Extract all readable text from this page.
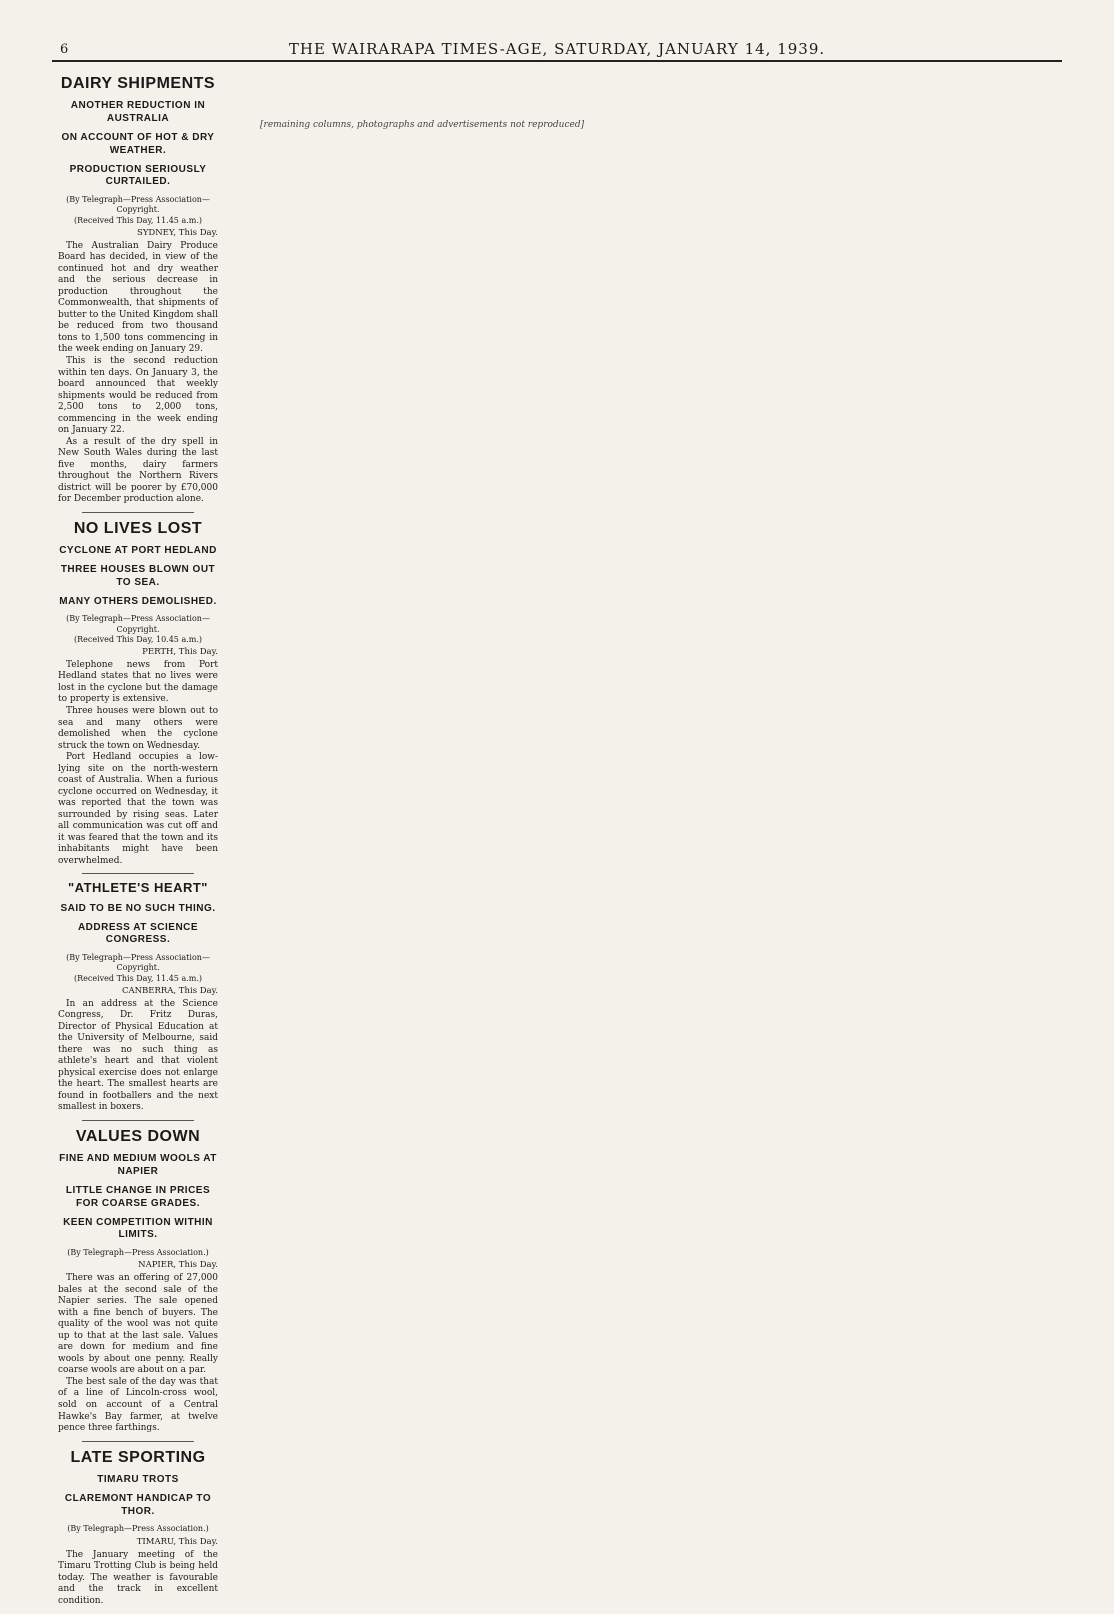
6	THE WAIRARAPA TIMES-AGE, SATURDAY, JANUARY 14, 1939.
DAIRY SHIPMENTS
ANOTHER REDUCTION IN AUSTRALIA
ON ACCOUNT OF HOT & DRY WEATHER.
PRODUCTION SERIOUSLY CURTAILED.
(By Telegraph—Press Association—Copyright.
(Received This Day, 11.45 a.m.)
SYDNEY, This Day.

The Australian Dairy Produce Board has decided, in view of the continued hot and dry weather and the serious decrease in production throughout the Commonwealth, that shipments of butter to the United Kingdom shall be reduced from two thousand tons to 1,500 tons commencing in the week ending on January 29.

This is the second reduction within ten days. On January 3, the board announced that weekly shipments would be reduced from 2,500 tons to 2,000 tons, commencing in the week ending on January 22.

As a result of the dry spell in New South Wales during the last five months, dairy farmers throughout the Northern Rivers district will be poorer by £70,000 for December production alone.

NO LIVES LOST
CYCLONE AT PORT HEDLAND
THREE HOUSES BLOWN OUT TO SEA.
MANY OTHERS DEMOLISHED.
(By Telegraph—Press Association—Copyright.
(Received This Day, 10.45 a.m.)
PERTH, This Day.

Telephone news from Port Hedland states that no lives were lost in the cyclone but the damage to property is extensive.

Three houses were blown out to sea and many others were demolished when the cyclone struck the town on Wednesday.

Port Hedland occupies a low-lying site on the north-western coast of Australia. When a furious cyclone occurred on Wednesday, it was reported that the town was surrounded by rising seas. Later all communication was cut off and it was feared that the town and its inhabitants might have been overwhelmed.

"ATHLETE'S HEART"
SAID TO BE NO SUCH THING.
ADDRESS AT SCIENCE CONGRESS.
(By Telegraph—Press Association—Copyright.
(Received This Day, 11.45 a.m.)
CANBERRA, This Day.

In an address at the Science Congress, Dr. Fritz Duras, Director of Physical Education at the University of Melbourne, said there was no such thing as athlete's heart and that violent physical exercise does not enlarge the heart. The smallest hearts are found in footballers and the next smallest in boxers.

VALUES DOWN
FINE AND MEDIUM WOOLS AT NAPIER
LITTLE CHANGE IN PRICES FOR COARSE GRADES.
KEEN COMPETITION WITHIN LIMITS.
(By Telegraph—Press Association.)
NAPIER, This Day.

There was an offering of 27,000 bales at the second sale of the Napier series. The sale opened with a fine bench of buyers. The quality of the wool was not quite up to that at the last sale. Values are down for medium and fine wools by about one penny. Really coarse wools are about on a par.

The best sale of the day was that of a line of Lincoln-cross wool, sold on account of a Central Hawke's Bay farmer, at twelve pence three farthings.

LATE SPORTING
TIMARU TROTS
CLAREMONT HANDICAP TO THOR.
(By Telegraph—Press Association.)
TIMARU, This Day.

The January meeting of the Timaru Trotting Club is being held today. The weather is favourable and the track in excellent condition.

[remaining columns, photographs and advertisements not reproduced]
